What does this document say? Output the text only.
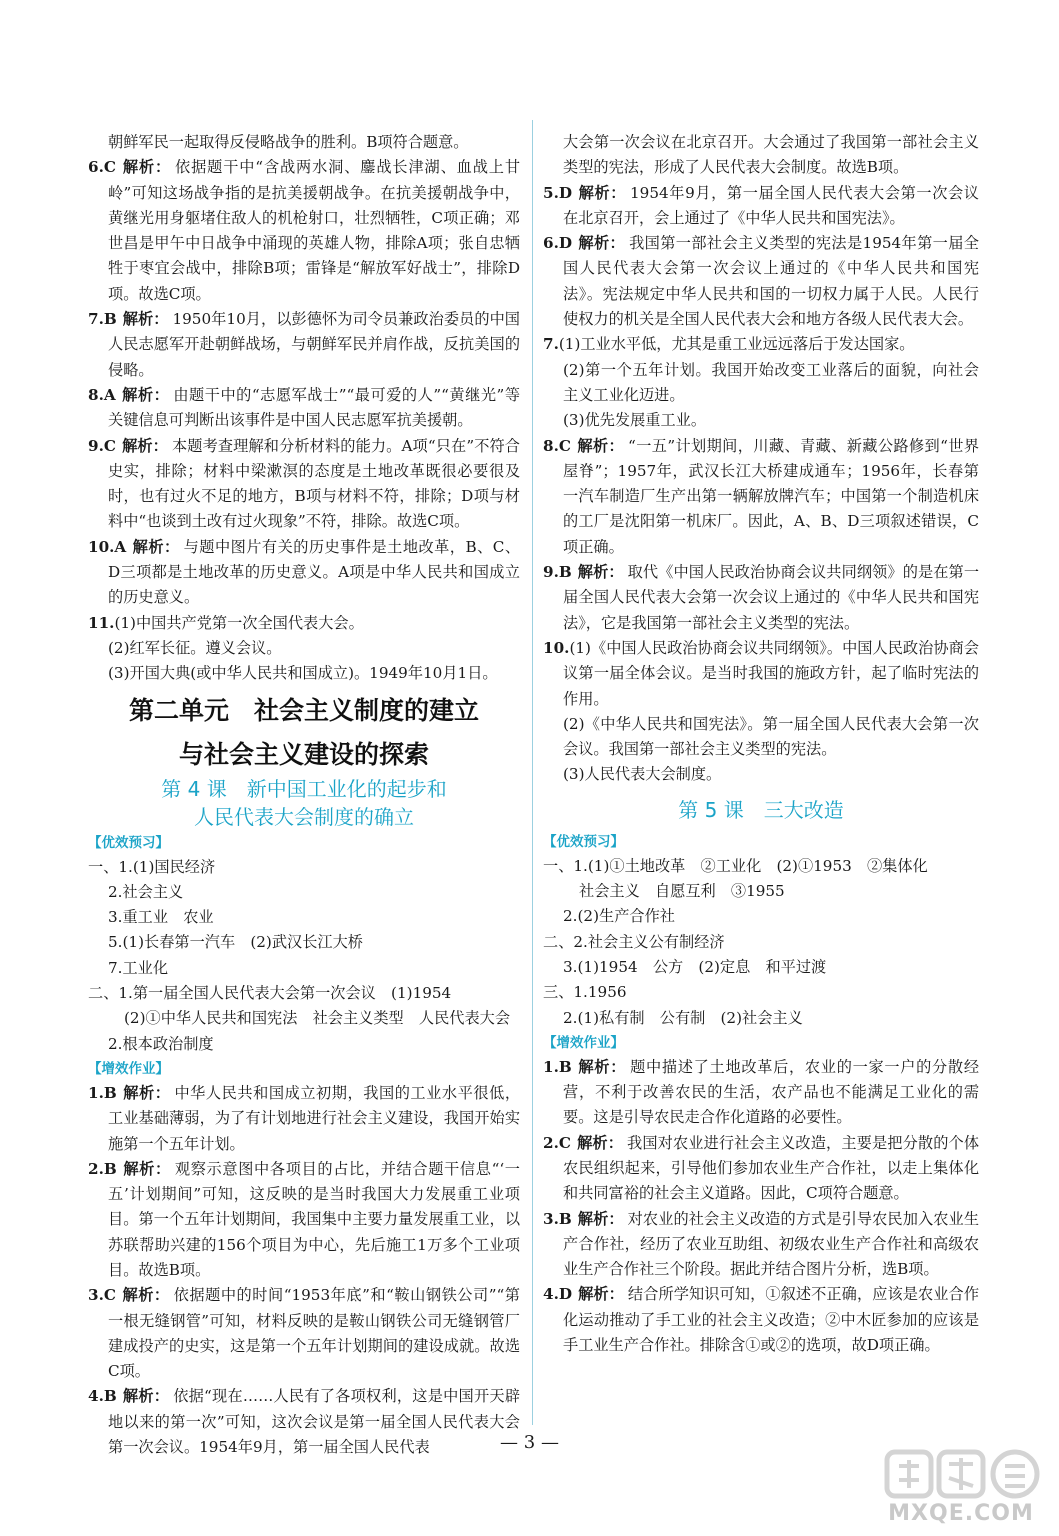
朝鲜军民一起取得反侵略战争的胜利。B项符合题意。

6.C 解析： 依据题干中“含战两水洞、鏖战长津湖、血战上甘岭”可知这场战争指的是抗美援朝战争。在抗美援朝战争中，黄继光用身躯堵住敌人的机枪射口，壮烈牺牲，C项正确；邓世昌是甲午中日战争中涌现的英雄人物，排除A项；张自忠牺牲于枣宜会战中，排除B项；雷锋是“解放军好战士”，排除D项。故选C项。

7.B 解析： 1950年10月，以彭德怀为司令员兼政治委员的中国人民志愿军开赴朝鲜战场，与朝鲜军民并肩作战，反抗美国的侵略。

8.A 解析： 由题干中的“志愿军战士”“最可爱的人”“黄继光”等关键信息可判断出该事件是中国人民志愿军抗美援朝。

9.C 解析： 本题考查理解和分析材料的能力。A项“只在”不符合史实，排除；材料中梁漱溟的态度是土地改革既很必要很及时，也有过火不足的地方，B项与材料不符，排除；D项与材料中“也谈到土改有过火现象”不符，排除。故选C项。

10.A 解析： 与题中图片有关的历史事件是土地改革，B、C、D三项都是土地改革的历史意义。A项是中华人民共和国成立的历史意义。

11.(1)中国共产党第一次全国代表大会。

(2)红军长征。遵义会议。

(3)开国大典(或中华人民共和国成立)。1949年10月1日。

第二单元　社会主义制度的建立
与社会主义建设的探索
第 4 课　新中国工业化的起步和
人民代表大会制度的确立
【优效预习】

一、1.(1)国民经济

2.社会主义

3.重工业　农业

5.(1)长春第一汽车　(2)武汉长江大桥

7.工业化

二、1.第一届全国人民代表大会第一次会议　(1)1954

(2)①中华人民共和国宪法　社会主义类型　人民代表大会

2.根本政治制度

【增效作业】

1.B 解析： 中华人民共和国成立初期，我国的工业水平很低，工业基础薄弱，为了有计划地进行社会主义建设，我国开始实施第一个五年计划。

2.B 解析： 观察示意图中各项目的占比，并结合题干信息“‘一五’计划期间”可知，这反映的是当时我国大力发展重工业项目。第一个五年计划期间，我国集中主要力量发展重工业，以苏联帮助兴建的156个项目为中心，先后施工1万多个工业项目。故选B项。

3.C 解析： 依据题中的时间“1953年底”和“鞍山钢铁公司”“第一根无缝钢管”可知，材料反映的是鞍山钢铁公司无缝钢管厂建成投产的史实，这是第一个五年计划期间的建设成就。故选C项。

4.B 解析： 依据“现在……人民有了各项权利，这是中国开天辟地以来的第一次”可知，这次会议是第一届全国人民代表大会第一次会议。1954年9月，第一届全国人民代表

大会第一次会议在北京召开。大会通过了我国第一部社会主义类型的宪法，形成了人民代表大会制度。故选B项。

5.D 解析： 1954年9月，第一届全国人民代表大会第一次会议在北京召开，会上通过了《中华人民共和国宪法》。

6.D 解析： 我国第一部社会主义类型的宪法是1954年第一届全国人民代表大会第一次会议上通过的《中华人民共和国宪法》。宪法规定中华人民共和国的一切权力属于人民。人民行使权力的机关是全国人民代表大会和地方各级人民代表大会。

7.(1)工业水平低，尤其是重工业远远落后于发达国家。

(2)第一个五年计划。我国开始改变工业落后的面貌，向社会主义工业化迈进。

(3)优先发展重工业。

8.C 解析： “一五”计划期间，川藏、青藏、新藏公路修到“世界屋脊”；1957年，武汉长江大桥建成通车；1956年，长春第一汽车制造厂生产出第一辆解放牌汽车；中国第一个制造机床的工厂是沈阳第一机床厂。因此，A、B、D三项叙述错误，C项正确。

9.B 解析： 取代《中国人民政治协商会议共同纲领》的是在第一届全国人民代表大会第一次会议上通过的《中华人民共和国宪法》，它是我国第一部社会主义类型的宪法。

10.(1)《中国人民政治协商会议共同纲领》。中国人民政治协商会议第一届全体会议。是当时我国的施政方针，起了临时宪法的作用。

(2)《中华人民共和国宪法》。第一届全国人民代表大会第一次会议。我国第一部社会主义类型的宪法。

(3)人民代表大会制度。

第 5 课　三大改造
【优效预习】

一、1.(1)①土地改革　②工业化　(2)①1953　②集体化

社会主义　自愿互利　③1955

2.(2)生产合作社

二、2.社会主义公有制经济

3.(1)1954　公方　(2)定息　和平过渡

三、1.1956

2.(1)私有制　公有制　(2)社会主义

【增效作业】

1.B 解析： 题中描述了土地改革后，农业的一家一户的分散经营，不利于改善农民的生活，农产品也不能满足工业化的需要。这是引导农民走合作化道路的必要性。

2.C 解析： 我国对农业进行社会主义改造，主要是把分散的个体农民组织起来，引导他们参加农业生产合作社，以走上集体化和共同富裕的社会主义道路。因此，C项符合题意。

3.B 解析： 对农业的社会主义改造的方式是引导农民加入农业生产合作社，经历了农业互助组、初级农业生产合作社和高级农业生产合作社三个阶段。据此并结合图片分析，选B项。

4.D 解析： 结合所学知识可知，①叙述不正确，应该是农业合作化运动推动了手工业的社会主义改造；②中木匠参加的应该是手工业生产合作社。排除含①或②的选项，故D项正确。

— 3 —
MXQE.COM
